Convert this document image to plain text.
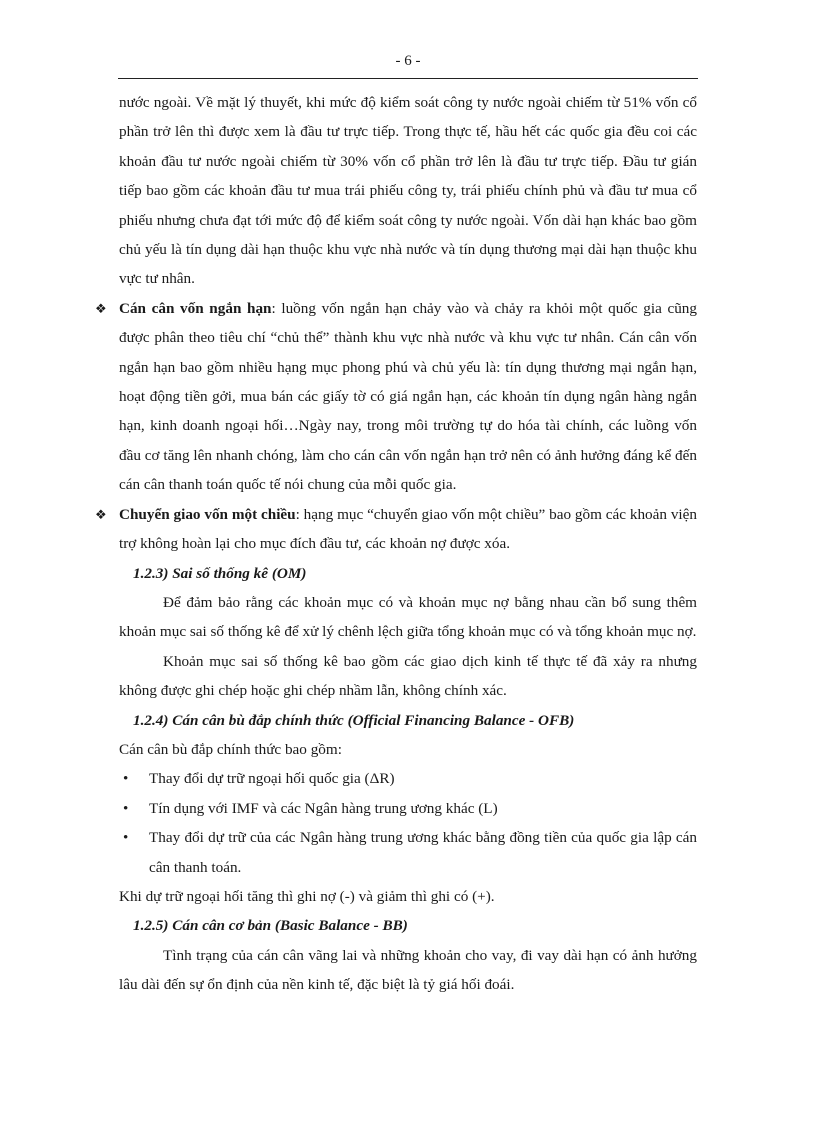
- 6 -

nước ngoài. Về mặt lý thuyết, khi mức độ kiểm soát công ty nước ngoài chiếm từ 51% vốn cổ phần trở lên thì được xem là đầu tư trực tiếp. Trong thực tế, hầu hết các quốc gia đều coi các khoản đầu tư nước ngoài chiếm từ 30% vốn cổ phần trở lên là đầu tư trực tiếp. Đầu tư gián tiếp bao gồm các khoản đầu tư mua trái phiếu công ty, trái phiếu chính phủ và đầu tư mua cổ phiếu nhưng chưa đạt tới mức độ để kiểm soát công ty nước ngoài. Vốn dài hạn khác bao gồm chủ yếu là tín dụng dài hạn thuộc khu vực nhà nước và tín dụng thương mại dài hạn thuộc khu vực tư nhân.

❖ Cán cân vốn ngắn hạn: luồng vốn ngắn hạn chảy vào và chảy ra khỏi một quốc gia cũng được phân theo tiêu chí “chủ thể” thành khu vực nhà nước và khu vực tư nhân. Cán cân vốn ngắn hạn bao gồm nhiều hạng mục phong phú và chủ yếu là: tín dụng thương mại ngắn hạn, hoạt động tiền gởi, mua bán các giấy tờ có giá ngắn hạn, các khoản tín dụng ngân hàng ngắn hạn, kinh doanh ngoại hối…Ngày nay, trong môi trường tự do hóa tài chính, các luồng vốn đầu cơ tăng lên nhanh chóng, làm cho cán cân vốn ngắn hạn trở nên có ảnh hưởng đáng kể đến cán cân thanh toán quốc tế nói chung của mỗi quốc gia.

❖ Chuyển giao vốn một chiều: hạng mục “chuyển giao vốn một chiều” bao gồm các khoản viện trợ không hoàn lại cho mục đích đầu tư, các khoản nợ được xóa.

1.2.3) Sai số thống kê (OM)

Để đảm bảo rằng các khoản mục có và khoản mục nợ bằng nhau cần bổ sung thêm khoản mục sai số thống kê để xử lý chênh lệch giữa tổng khoản mục có và tổng khoản mục nợ.

Khoản mục sai số thống kê bao gồm các giao dịch kinh tế thực tế đã xảy ra nhưng không được ghi chép hoặc ghi chép nhầm lẫn, không chính xác.

1.2.4) Cán cân bù đắp chính thức (Official Financing Balance - OFB)

Cán cân bù đắp chính thức bao gồm:

• Thay đổi dự trữ ngoại hối quốc gia (ΔR)
• Tín dụng với IMF và các Ngân hàng trung ương khác (L)
• Thay đổi dự trữ của các Ngân hàng trung ương khác bằng đồng tiền của quốc gia lập cán cân thanh toán.

Khi dự trữ ngoại hối tăng thì ghi nợ (-) và giảm thì ghi có (+).

1.2.5) Cán cân cơ bản (Basic Balance - BB)

Tình trạng của cán cân vãng lai và những khoản cho vay, đi vay dài hạn có ảnh hưởng lâu dài đến sự ổn định của nền kinh tế, đặc biệt là tỷ giá hối đoái.
